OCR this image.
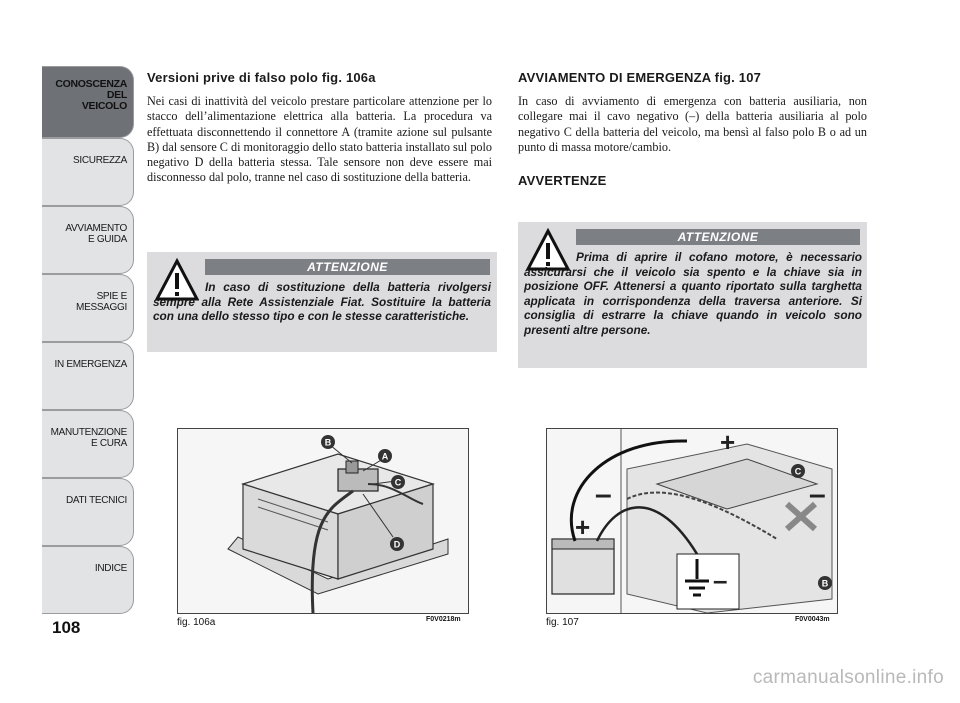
CONOSCENZA
DEL
VEICOLO
SICUREZZA
AVVIAMENTO
E GUIDA
SPIE E
MESSAGGI
IN EMERGENZA
MANUTENZIONE
E CURA
DATI TECNICI
INDICE
108
Versioni prive di falso polo fig. 106a

Nei casi di inattività del veicolo prestare particolare attenzione per lo stacco dell’alimentazione elettrica alla batteria. La procedura va effettuata disconnettendo il connettore A (tramite azione sul pulsante B) dal sensore C di monitoraggio dello stato batteria installato sul polo negativo D della batteria stessa. Tale sensore non deve essere mai disconnesso dal polo, tranne nel caso di sostituzione della batteria.

ATTENZIONE
In caso di sostituzione della batteria rivolgersi sempre alla Rete Assistenziale Fiat. Sostituire la batteria con una dello stesso tipo e con le stesse caratteristiche.
AVVIAMENTO DI EMERGENZA fig. 107

In caso di avviamento di emergenza con batteria ausiliaria, non collegare mai il cavo negativo (–) della batteria ausiliaria al polo negativo C della batteria del veicolo, ma bensì al falso polo B o ad un punto di massa motore/cambio.

AVVERTENZE
ATTENZIONE
Prima di aprire il cofano motore, è necessario assicurarsi che il veicolo sia spento e la chiave sia in posizione OFF. Attenersi a quanto riportato sulla targhetta applicata in corrispondenza della traversa anteriore. Si consiglia di estrarre la chiave quando in veicolo sono presenti altre persone.
B
A
C
D
fig. 106a	F0V0218m
+
–
+
–
–
C
B
fig. 107	F0V0043m
carmanualsonline.info
